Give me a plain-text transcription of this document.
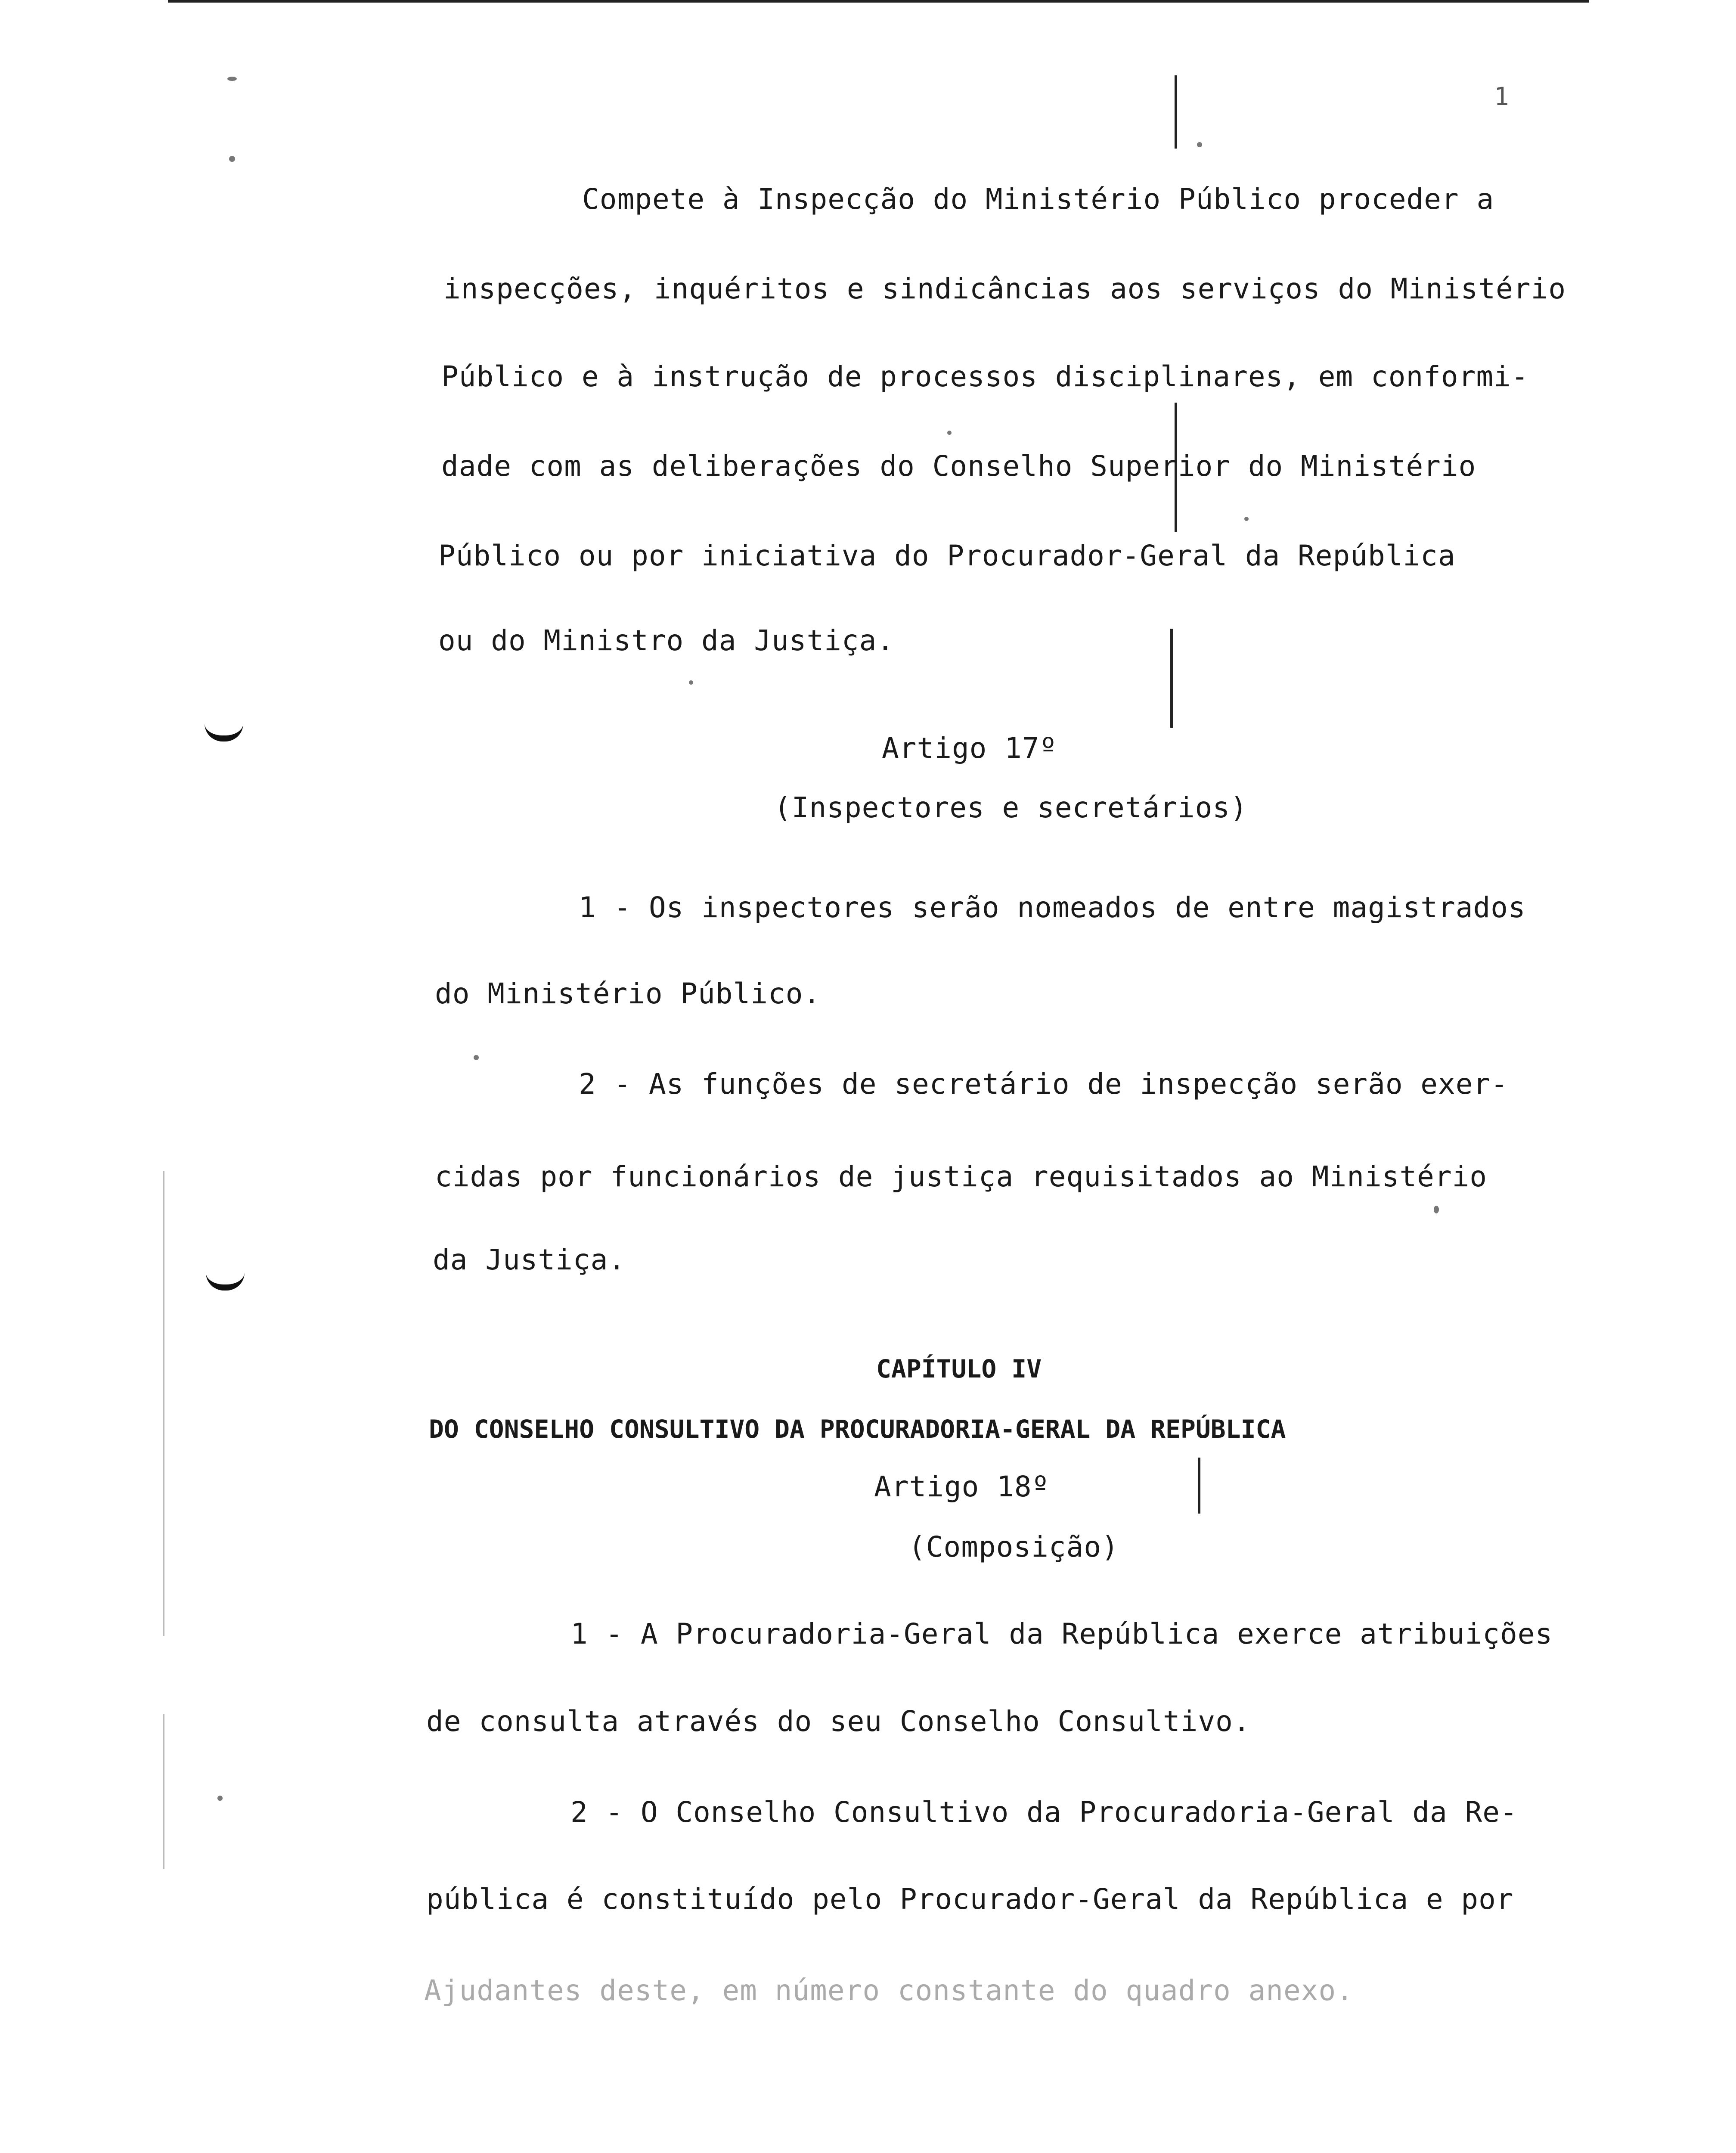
1
Compete à Inspecção do Ministério Público proceder a
inspecções, inquéritos e sindicâncias aos serviços do Ministério
Público e à instrução de processos disciplinares, em conformi-
dade com as deliberações do Conselho Superior do Ministério
Público ou por iniciativa do Procurador-Geral da República
ou do Ministro da Justiça.
Artigo 17º
(Inspectores e secretários)
1 - Os inspectores serão nomeados de entre magistrados
do Ministério Público.
2 - As funções de secretário de inspecção serão exer-
cidas por funcionários de justiça requisitados ao Ministério
da Justiça.
CAPÍTULO IV
DO CONSELHO CONSULTIVO DA PROCURADORIA-GERAL DA REPÚBLICA
Artigo 18º
(Composição)
1 - A Procuradoria-Geral da República exerce atribuições
de consulta através do seu Conselho Consultivo.
2 - O Conselho Consultivo da Procuradoria-Geral da Re-
pública é constituído pelo Procurador-Geral da República e por
Ajudantes deste, em número constante do quadro anexo.
